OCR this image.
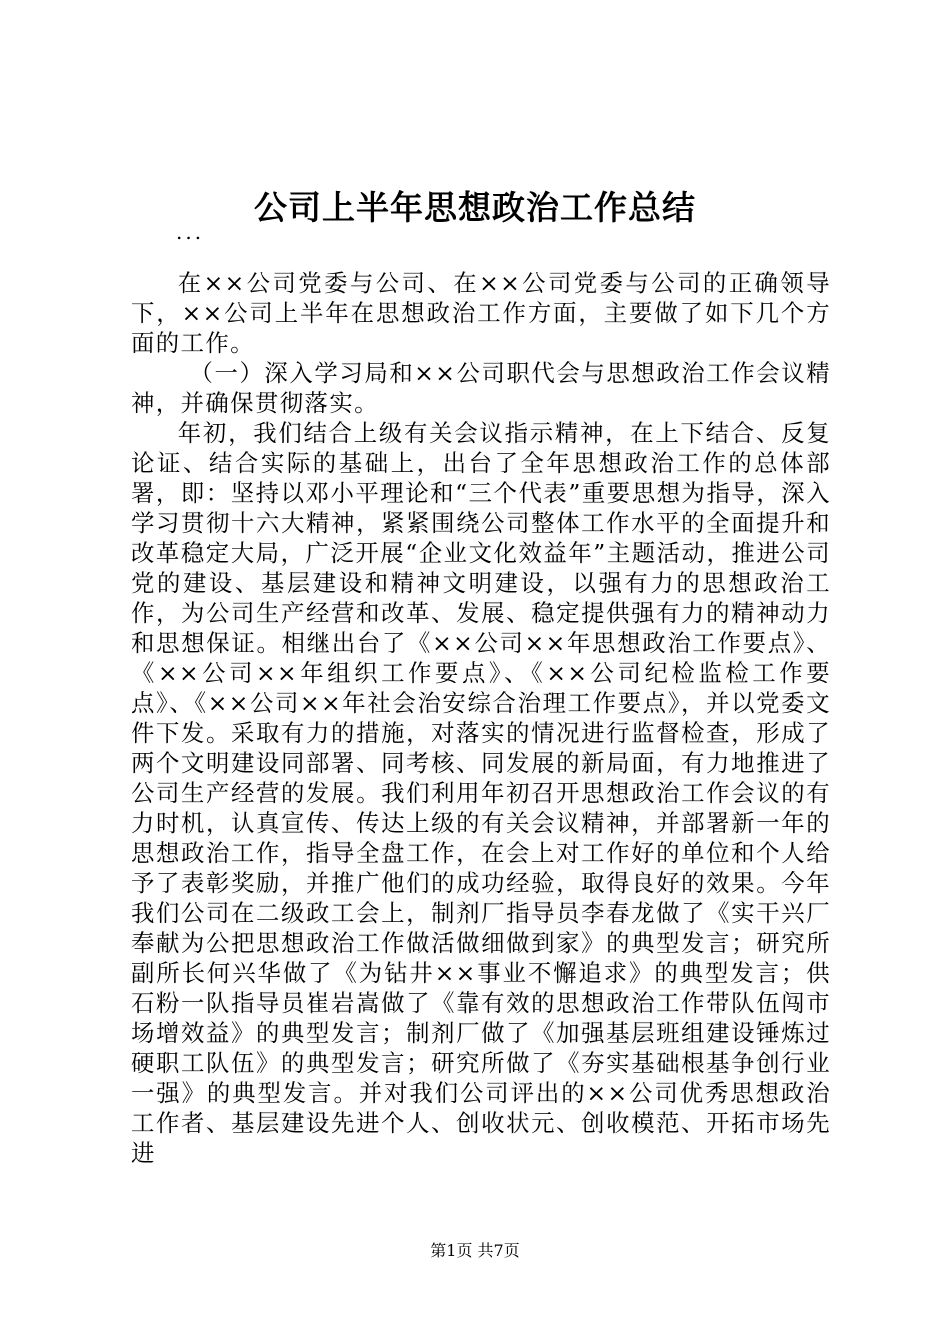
公司上半年思想政治工作总结
...

在××公司党委与公司、在××公司党委与公司的正确领导下，××公司上半年在思想政治工作方面，主要做了如下几个方面的工作。

（一）深入学习局和××公司职代会与思想政治工作会议精神，并确保贯彻落实。

年初，我们结合上级有关会议指示精神，在上下结合、反复论证、结合实际的基础上，出台了全年思想政治工作的总体部署，即：坚持以邓小平理论和“三个代表”重要思想为指导，深入学习贯彻十六大精神，紧紧围绕公司整体工作水平的全面提升和改革稳定大局，广泛开展“企业文化效益年”主题活动，推进公司党的建设、基层建设和精神文明建设，以强有力的思想政治工作，为公司生产经营和改革、发展、稳定提供强有力的精神动力和思想保证。相继出台了《××公司××年思想政治工作要点》、《××公司××年组织工作要点》、《××公司纪检监检工作要点》、《××公司××年社会治安综合治理工作要点》，并以党委文件下发。采取有力的措施，对落实的情况进行监督检查，形成了两个文明建设同部署、同考核、同发展的新局面，有力地推进了公司生产经营的发展。我们利用年初召开思想政治工作会议的有力时机，认真宣传、传达上级的有关会议精神，并部署新一年的思想政治工作，指导全盘工作，在会上对工作好的单位和个人给予了表彰奖励，并推广他们的成功经验，取得良好的效果。今年我们公司在二级政工会上，制剂厂指导员李春龙做了《实干兴厂奉献为公把思想政治工作做活做细做到家》的典型发言；研究所副所长何兴华做了《为钻井××事业不懈追求》的典型发言；供石粉一队指导员崔岩嵩做了《靠有效的思想政治工作带队伍闯市场增效益》的典型发言；制剂厂做了《加强基层班组建设锤炼过硬职工队伍》的典型发言；研究所做了《夯实基础根基争创行业一强》的典型发言。并对我们公司评出的××公司优秀思想政治工作者、基层建设先进个人、创收状元、创收模范、开拓市场先进

第1页 共7页
